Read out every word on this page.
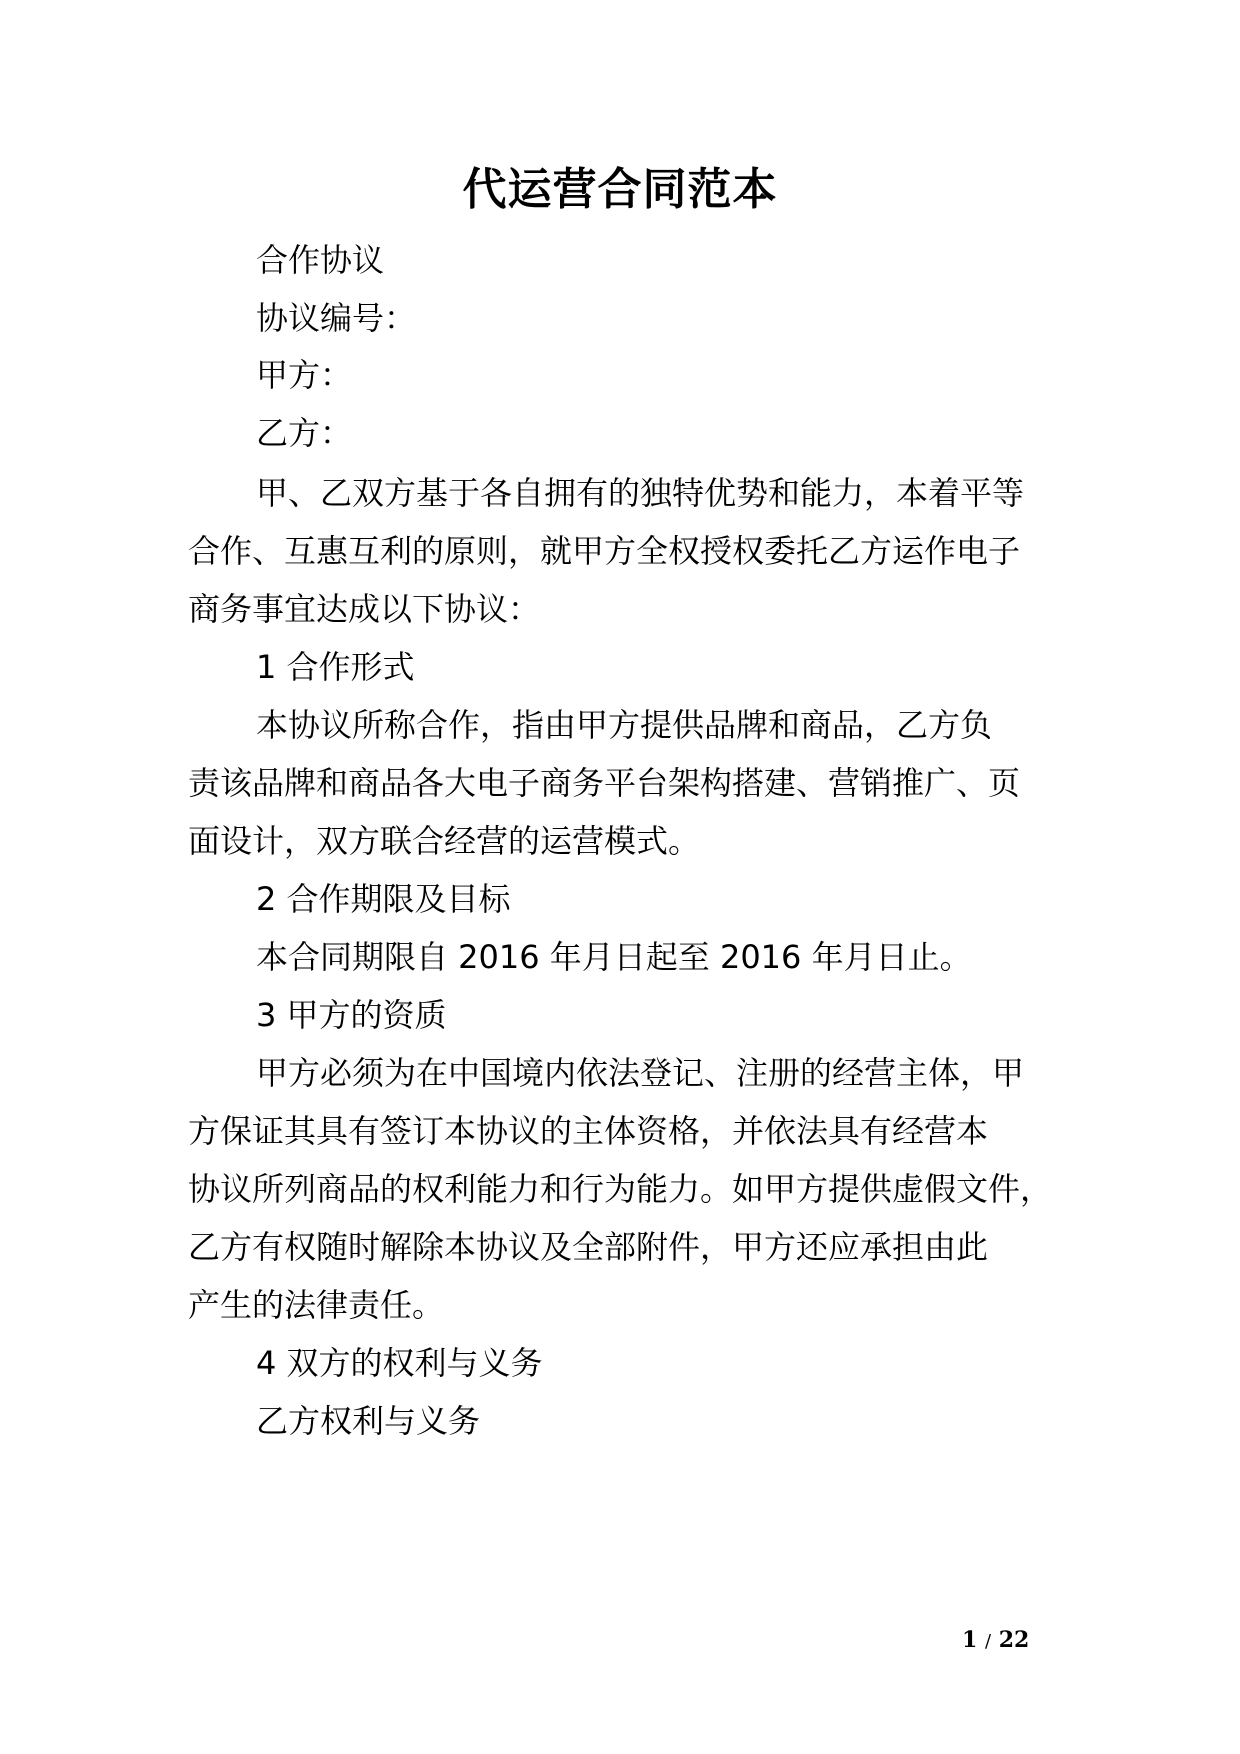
代运营合同范本
合作协议
协议编号：
甲方：
乙方：
甲、乙双方基于各自拥有的独特优势和能力，本着平等
合作、互惠互利的原则，就甲方全权授权委托乙方运作电子
商务事宜达成以下协议：
1 合作形式
本协议所称合作，指由甲方提供品牌和商品，乙方负
责该品牌和商品各大电子商务平台架构搭建、营销推广、页
面设计，双方联合经营的运营模式。
2 合作期限及目标
本合同期限自 2016 年月日起至 2016 年月日止。
3 甲方的资质
甲方必须为在中国境内依法登记、注册的经营主体，甲
方保证其具有签订本协议的主体资格，并依法具有经营本
协议所列商品的权利能力和行为能力。如甲方提供虚假文件，
乙方有权随时解除本协议及全部附件，甲方还应承担由此
产生的法律责任。
4 双方的权利与义务
乙方权利与义务
1 / 22
